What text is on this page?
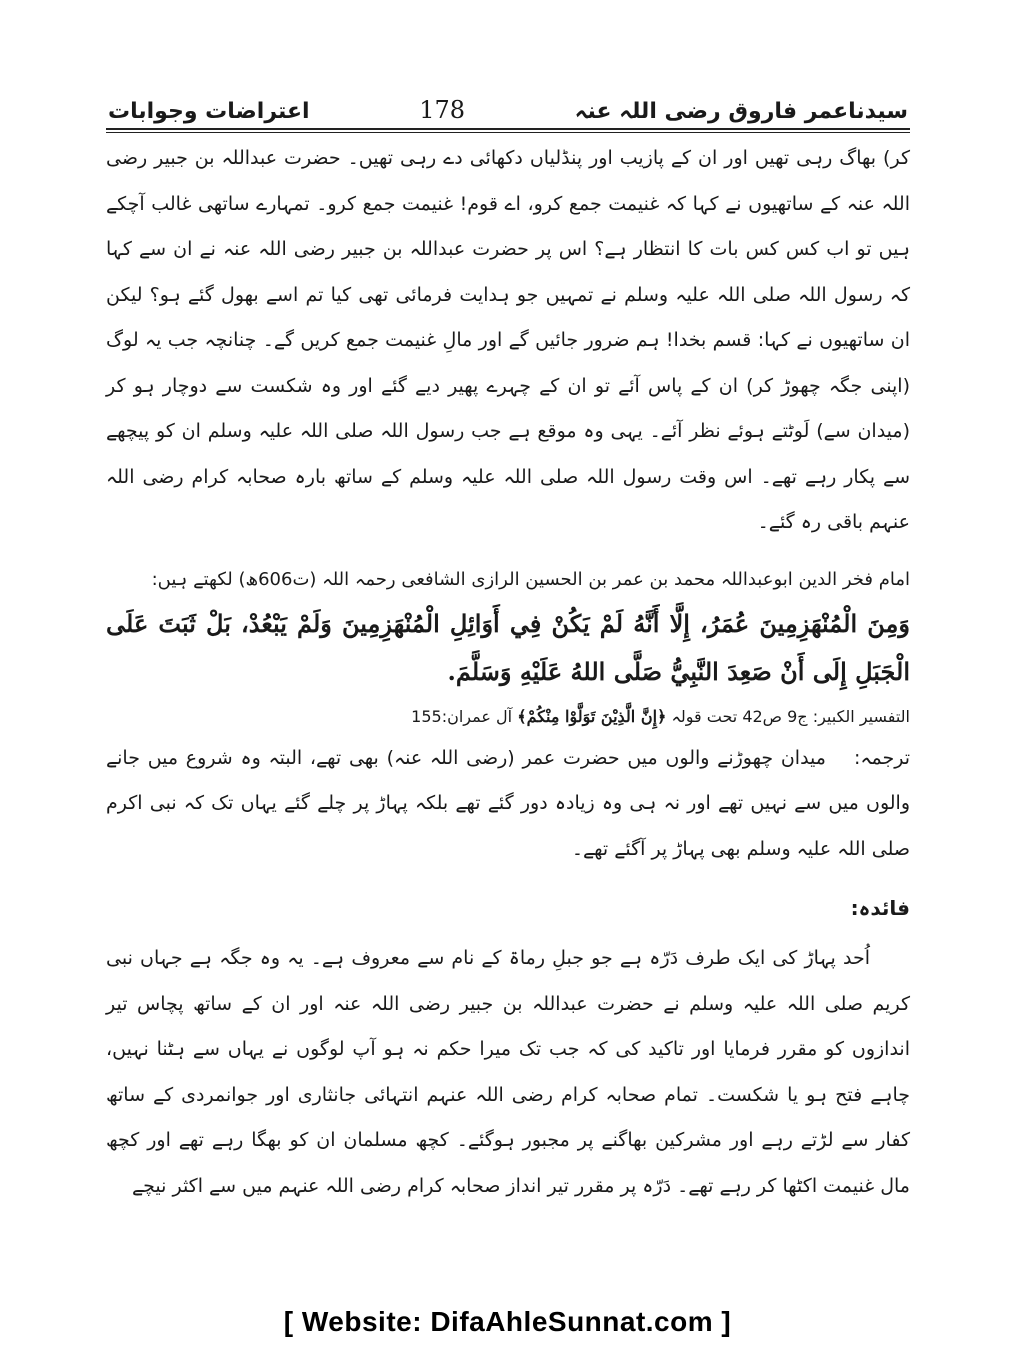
سیدناعمر فاروق رضی اللہ عنہ
178
اعتراضات وجوابات

کر) بھاگ رہی تھیں اور ان کے پازیب اور پنڈلیاں دکھائی دے رہی تھیں۔ حضرت عبداللہ بن جبیر رضی اللہ عنہ کے ساتھیوں نے کہا کہ غنیمت جمع کرو، اے قوم! غنیمت جمع کرو۔ تمہارے ساتھی غالب آچکے ہیں تو اب کس کس بات کا انتظار ہے؟ اس پر حضرت عبداللہ بن جبیر رضی اللہ عنہ نے ان سے کہا کہ رسول اللہ صلی اللہ علیہ وسلم نے تمہیں جو ہدایت فرمائی تھی کیا تم اسے بھول گئے ہو؟ لیکن ان ساتھیوں نے کہا: قسم بخدا! ہم ضرور جائیں گے اور مالِ غنیمت جمع کریں گے۔ چنانچہ جب یہ لوگ (اپنی جگہ چھوڑ کر) ان کے پاس آئے تو ان کے چہرے پھیر دیے گئے اور وہ شکست سے دوچار ہو کر (میدان سے) لَوٹتے ہوئے نظر آئے۔ یہی وہ موقع ہے جب رسول اللہ صلی اللہ علیہ وسلم ان کو پیچھے سے پکار رہے تھے۔ اس وقت رسول اللہ صلی اللہ علیہ وسلم کے ساتھ بارہ صحابہ کرام رضی اللہ عنہم باقی رہ گئے۔

امام فخر الدین ابوعبداللہ محمد بن عمر بن الحسین الرازی الشافعی رحمہ اللہ (ت606ھ) لکھتے ہیں:

وَمِنَ الْمُنْهَزِمِينَ عُمَرُ، إِلَّا أَنَّهُ لَمْ يَكُنْ فِي أَوَائِلِ الْمُنْهَزِمِينَ وَلَمْ يَبْعُدْ، بَلْ ثَبَتَ عَلَى الْجَبَلِ إِلَى أَنْ صَعِدَ النَّبِيُّ صَلَّى اللهُ عَلَيْهِ وَسَلَّمَ.

التفسیر الکبیر: ج9 ص42 تحت قولہ ﴿إِنَّ الَّذِيْنَ تَوَلَّوْا مِنْكُمْ﴾ آل عمران:155

ترجمہ:میدان چھوڑنے والوں میں حضرت عمر (رضی اللہ عنہ) بھی تھے، البتہ وہ شروع میں جانے والوں میں سے نہیں تھے اور نہ ہی وہ زیادہ دور گئے تھے بلکہ پہاڑ پر چلے گئے یہاں تک کہ نبی اکرم صلی اللہ علیہ وسلم بھی پہاڑ پر آگئے تھے۔

فائدہ:

اُحد پہاڑ کی ایک طرف دَرّہ ہے جو جبلِ رماۃ کے نام سے معروف ہے۔ یہ وہ جگہ ہے جہاں نبی کریم صلی اللہ علیہ وسلم نے حضرت عبداللہ بن جبیر رضی اللہ عنہ اور ان کے ساتھ پچاس تیر اندازوں کو مقرر فرمایا اور تاکید کی کہ جب تک میرا حکم نہ ہو آپ لوگوں نے یہاں سے ہٹنا نہیں، چاہے فتح ہو یا شکست۔ تمام صحابہ کرام رضی اللہ عنہم انتہائی جانثاری اور جوانمردی کے ساتھ کفار سے لڑتے رہے اور مشرکین بھاگنے پر مجبور ہوگئے۔ کچھ مسلمان ان کو بھگا رہے تھے اور کچھ مال غنیمت اکٹھا کر رہے تھے۔ دَرّہ پر مقرر تیر انداز صحابہ کرام رضی اللہ عنہم میں سے اکثر نیچے

[ Website: DifaAhleSunnat.com ]
